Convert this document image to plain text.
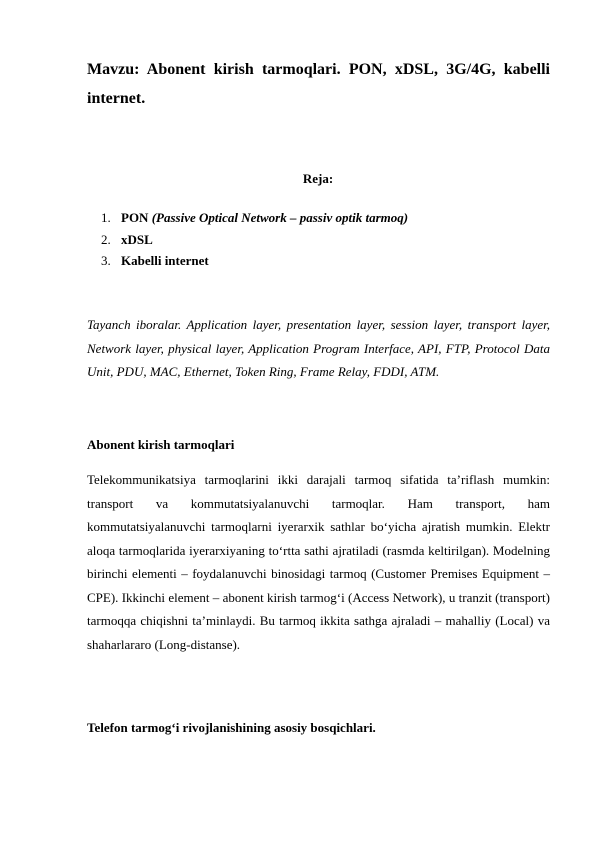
Mavzu: Abonent kirish tarmoqlari. PON, xDSL, 3G/4G, kabelli internet.
Reja:
1. PON (Passive Optical Network – passiv optik tarmoq)
2. xDSL
3. Kabelli internet

Tayanch iboralar. Application layer, presentation layer, session layer, transport layer, Network layer, physical layer, Application Program Interface, API, FTP, Protocol Data Unit, PDU, MAC, Ethernet, Token Ring, Frame Relay, FDDI, ATM.

Abonent kirish tarmoqlari

Telekommunikatsiya tarmoqlarini ikki darajali tarmoq sifatida ta’riflash mumkin: transport va kommutatsiyalanuvchi tarmoqlar. Ham transport, ham kommutatsiyalanuvchi tarmoqlarni iyerarxik sathlar bo‘yicha ajratish mumkin. Elektr aloqa tarmoqlarida iyerarxiyaning to‘rtta sathi ajratiladi (rasmda keltirilgan). Modelning birinchi elementi – foydalanuvchi binosidagi tarmoq (Customer Premises Equipment – CPE). Ikkinchi element – abonent kirish tarmog‘i (Access Network), u tranzit (transport) tarmoqqa chiqishni ta’minlaydi. Bu tarmoq ikkita sathga ajraladi – mahalliy (Local) va shaharlararo (Long-distanse).

Telefon tarmog‘i rivojlanishining asosiy bosqichlari.
